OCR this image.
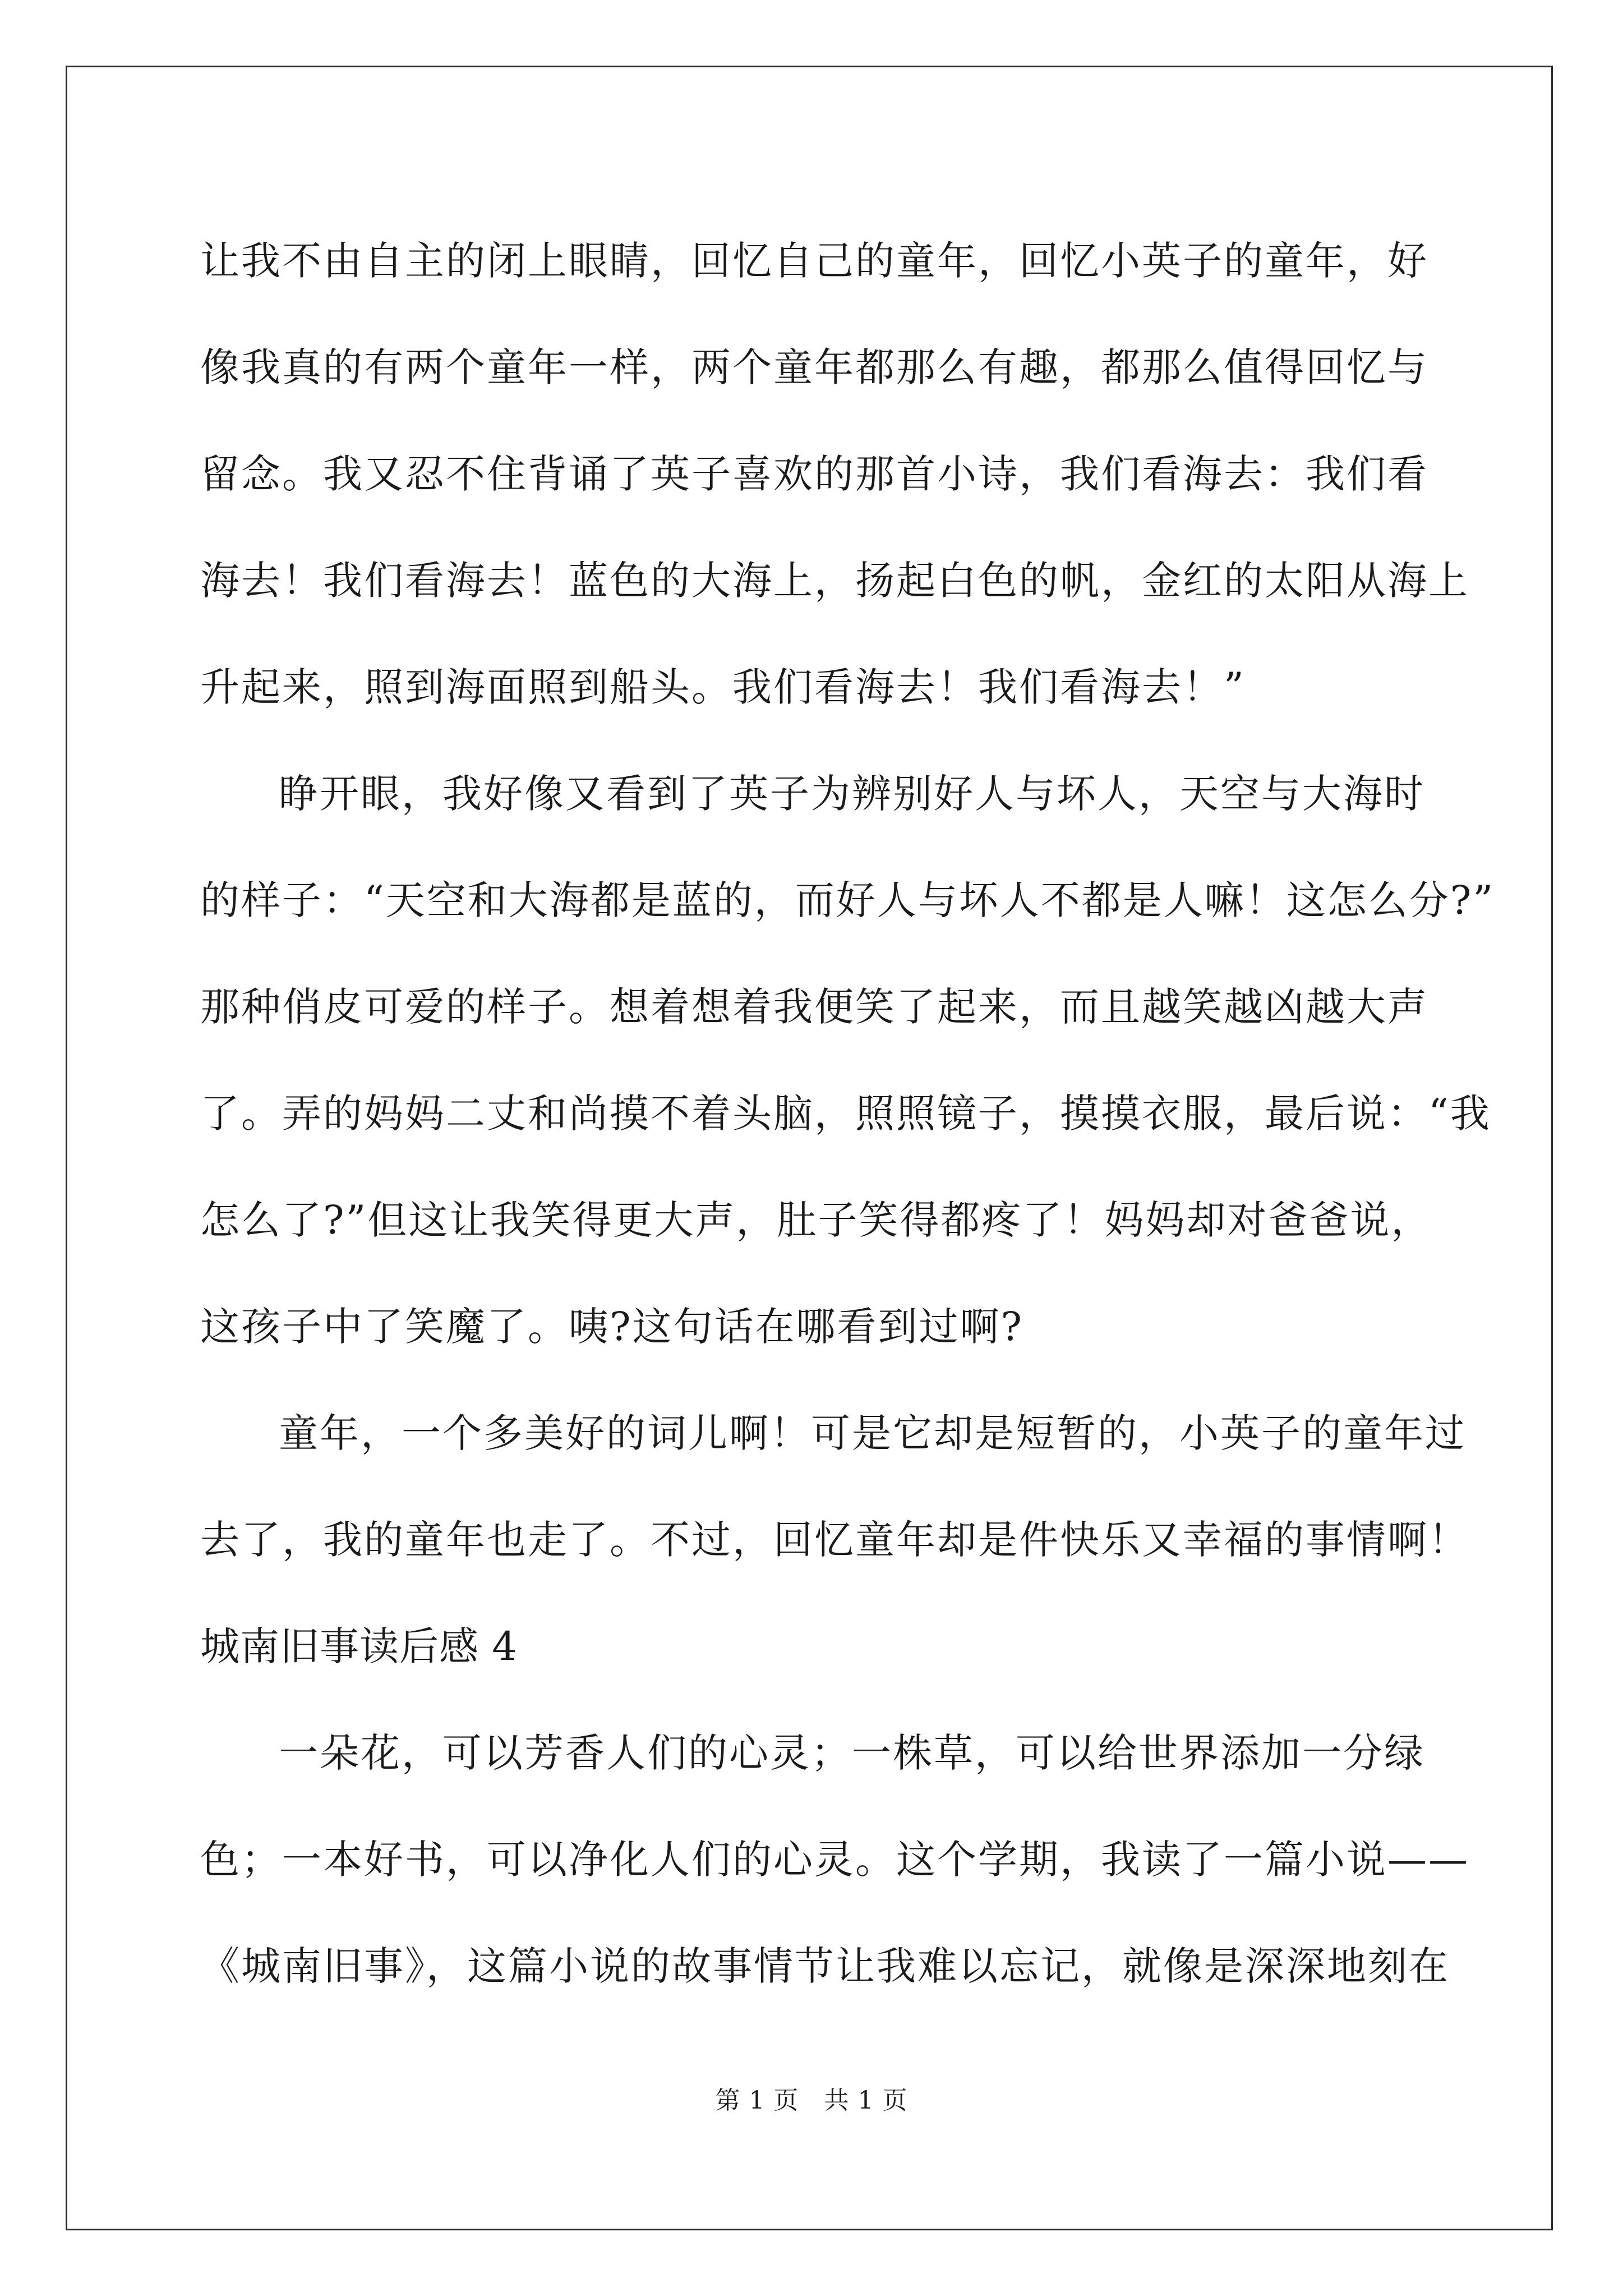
让我不由自主的闭上眼睛，回忆自己的童年，回忆小英子的童年，好
像我真的有两个童年一样，两个童年都那么有趣，都那么值得回忆与
留念。我又忍不住背诵了英子喜欢的那首小诗，我们看海去：我们看
海去！我们看海去！蓝色的大海上，扬起白色的帆，金红的太阳从海上
升起来，照到海面照到船头。我们看海去！我们看海去！”
睁开眼，我好像又看到了英子为辨别好人与坏人，天空与大海时
的样子：“天空和大海都是蓝的，而好人与坏人不都是人嘛！这怎么分?”
那种俏皮可爱的样子。想着想着我便笑了起来，而且越笑越凶越大声
了。弄的妈妈二丈和尚摸不着头脑，照照镜子，摸摸衣服，最后说：“我
怎么了?”但这让我笑得更大声，肚子笑得都疼了！妈妈却对爸爸说，
这孩子中了笑魔了。咦?这句话在哪看到过啊?
童年，一个多美好的词儿啊！可是它却是短暂的，小英子的童年过
去了，我的童年也走了。不过，回忆童年却是件快乐又幸福的事情啊！
城南旧事读后感 4
一朵花，可以芳香人们的心灵；一株草，可以给世界添加一分绿
色；一本好书，可以净化人们的心灵。这个学期，我读了一篇小说——
《城南旧事》，这篇小说的故事情节让我难以忘记，就像是深深地刻在
第 1 页　共 1 页
